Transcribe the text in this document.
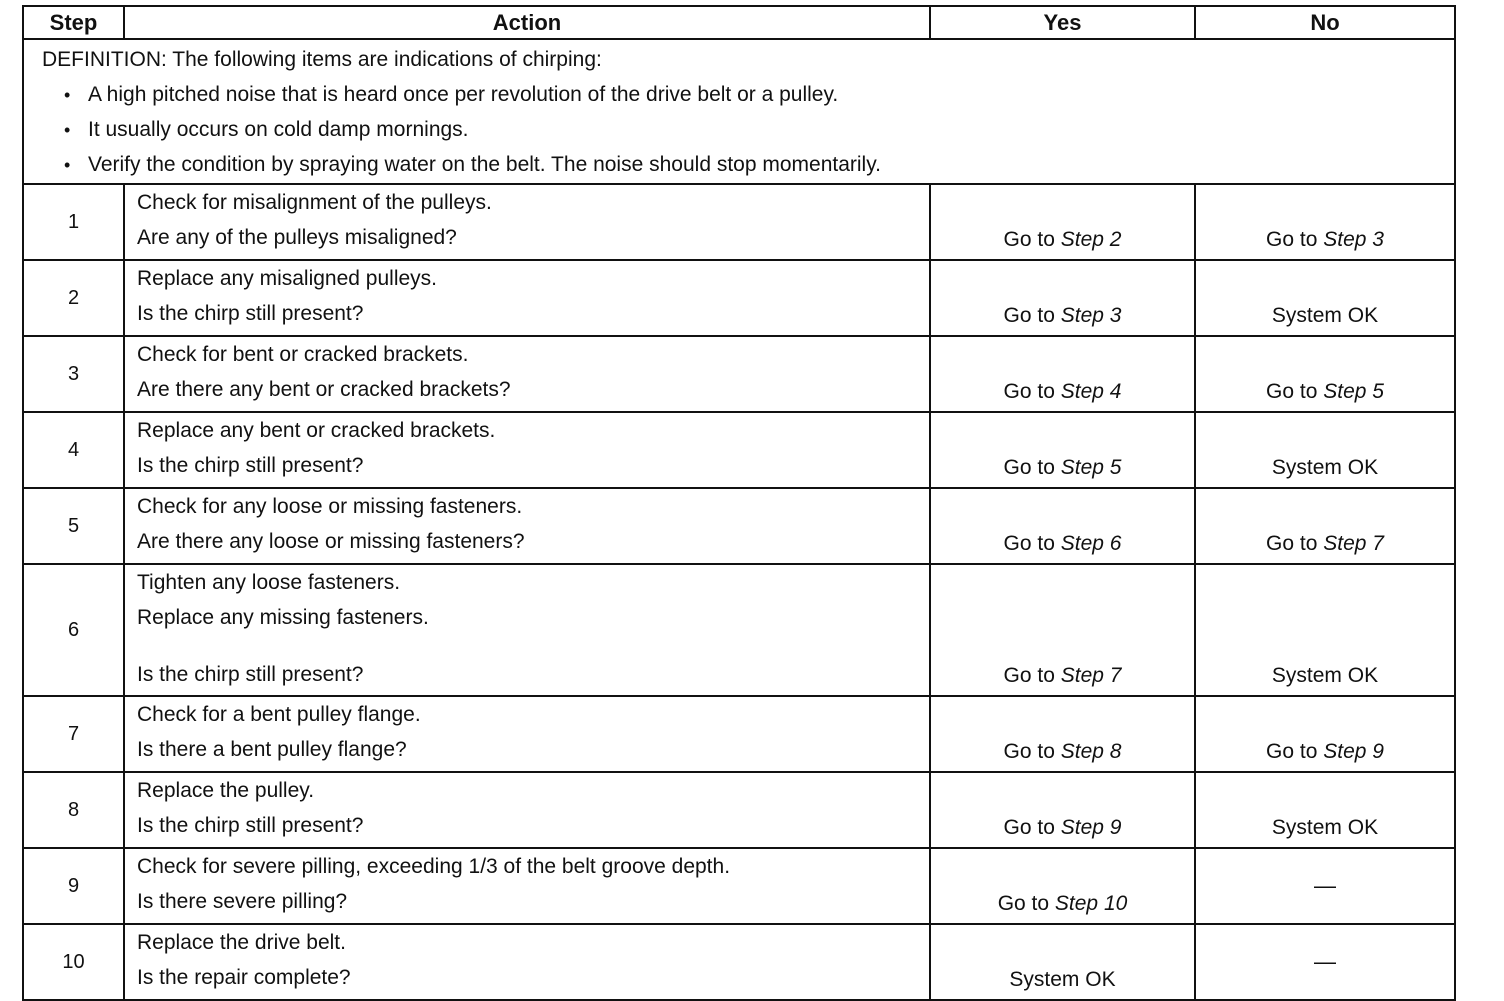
Step	Action	Yes	No

DEFINITION: The following items are indications of chirping:
• A high pitched noise that is heard once per revolution of the drive belt or a pulley.
• It usually occurs on cold damp mornings.
• Verify the condition by spraying water on the belt. The noise should stop momentarily.			

1	Check for misalignment of the pulleys.
Are any of the pulleys misaligned?	Go to Step 2	Go to Step 3

2	Replace any misaligned pulleys.
Is the chirp still present?	Go to Step 3	System OK

3	Check for bent or cracked brackets.
Are there any bent or cracked brackets?	Go to Step 4	Go to Step 5

4	Replace any bent or cracked brackets.
Is the chirp still present?	Go to Step 5	System OK

5	Check for any loose or missing fasteners.
Are there any loose or missing fasteners?	Go to Step 6	Go to Step 7

6	Tighten any loose fasteners.
Replace any missing fasteners.
Is the chirp still present?	Go to Step 7	System OK

7	Check for a bent pulley flange.
Is there a bent pulley flange?	Go to Step 8	Go to Step 9

8	Replace the pulley.
Is the chirp still present?	Go to Step 9	System OK

9	Check for severe pilling, exceeding 1/3 of the belt groove depth.
Is there severe pilling?	Go to Step 10	—
10	Replace the drive belt.
Is the repair complete?	System OK	—
